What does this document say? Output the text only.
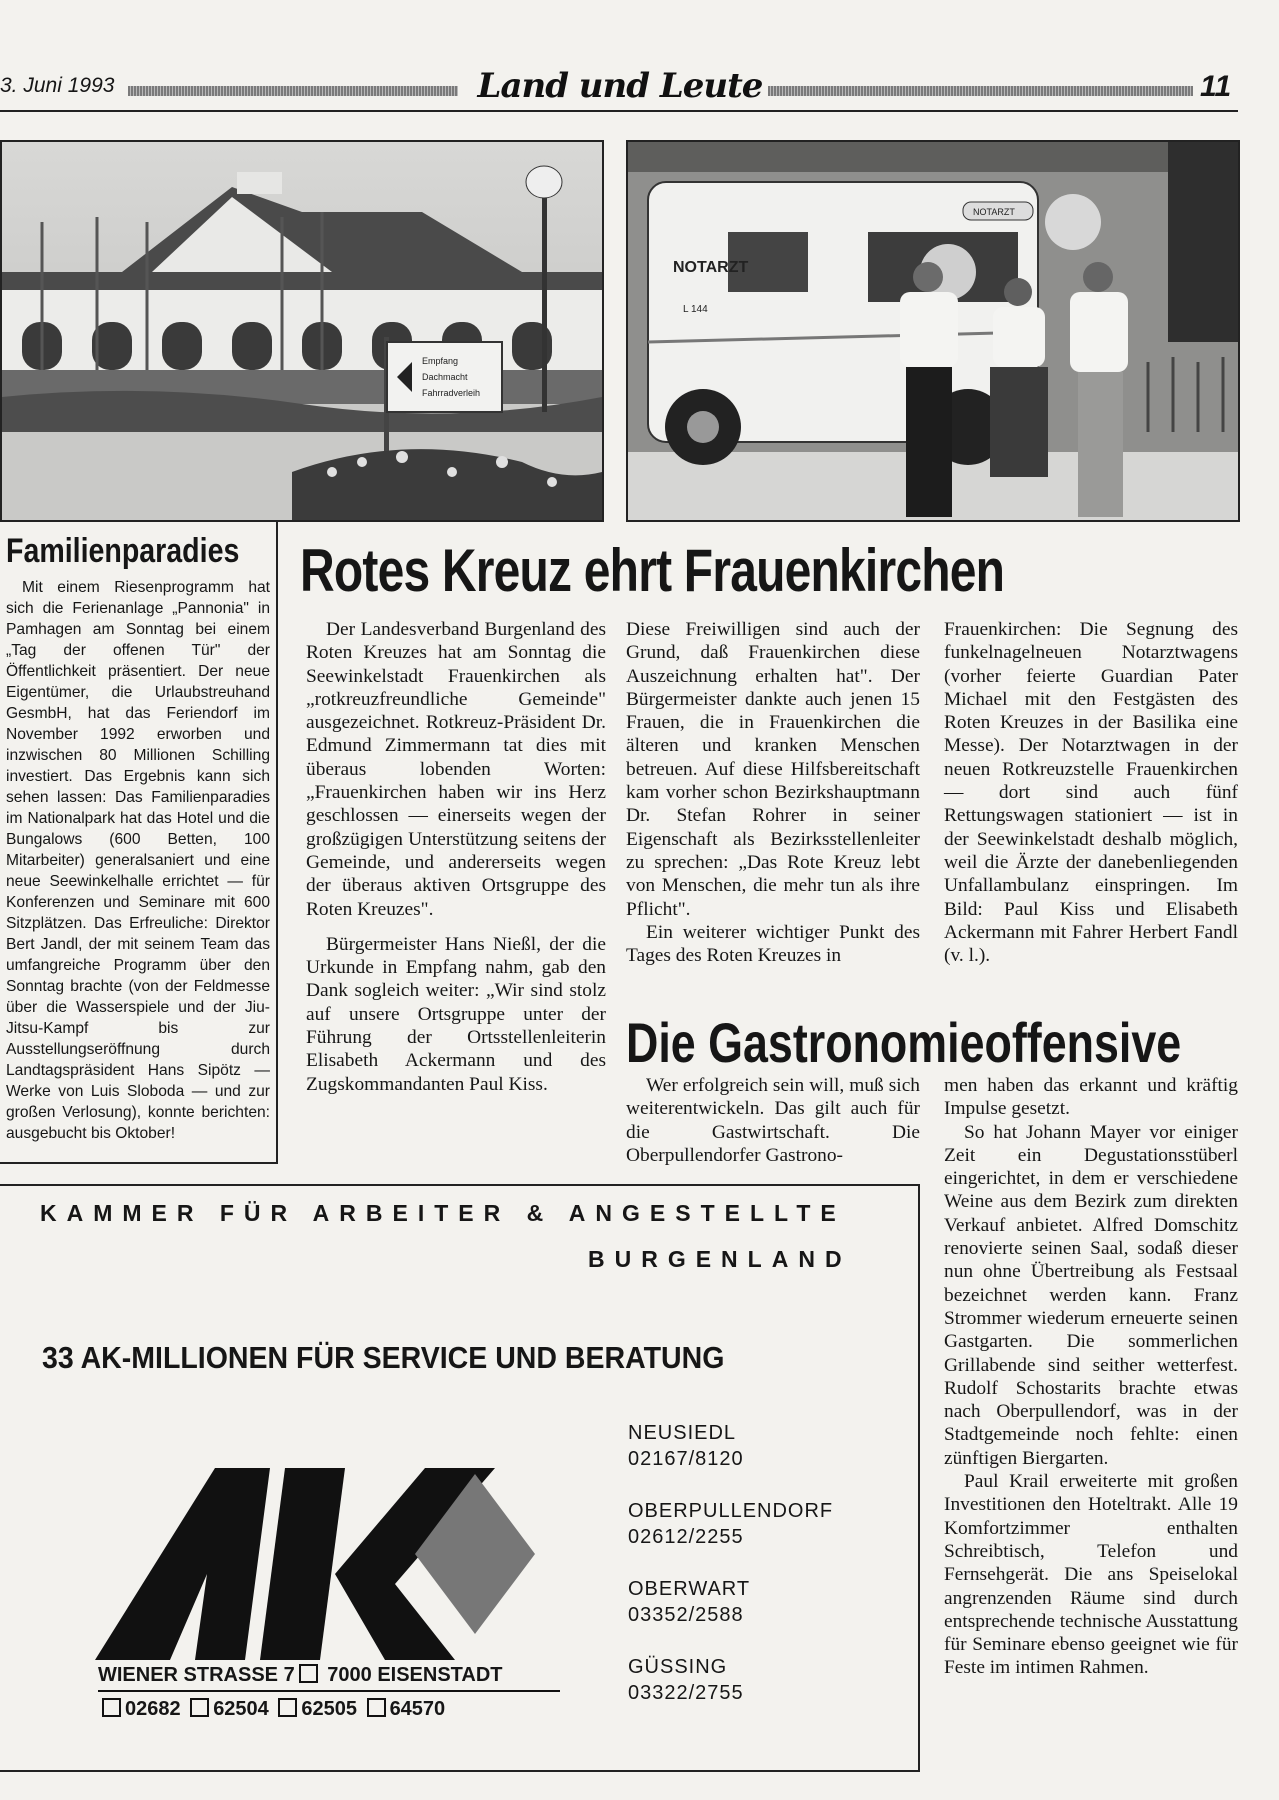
3. Juni 1993	Land und Leute	11
Empfang
Dachmacht
Fahrradverleih
NOTARZT
L 144
NOTARZT
Familienparadies
Mit einem Riesenprogramm hat sich die Ferienanlage „Pannonia" in Pamhagen am Sonntag bei einem „Tag der offenen Tür" der Öffentlichkeit präsentiert. Der neue Eigentümer, die Urlaubstreuhand GesmbH, hat das Feriendorf im November 1992 erworben und inzwischen 80 Millionen Schilling investiert. Das Ergebnis kann sich sehen lassen: Das Familienparadies im Nationalpark hat das Hotel und die Bungalows (600 Betten, 100 Mitarbeiter) generalsaniert und eine neue Seewinkelhalle errichtet — für Konferenzen und Seminare mit 600 Sitzplätzen. Das Erfreuliche: Direktor Bert Jandl, der mit seinem Team das umfangreiche Programm über den Sonntag brachte (von der Feldmesse über die Wasserspiele und der Jiu-Jitsu-Kampf bis zur Ausstellungseröffnung durch Landtagspräsident Hans Sipötz — Werke von Luis Sloboda — und zur großen Verlosung), konnte berichten: ausgebucht bis Oktober!
Rotes Kreuz ehrt Frauenkirchen

Der Landesverband Burgenland des Roten Kreuzes hat am Sonntag die Seewinkelstadt Frauenkirchen als „rotkreuzfreundliche Gemeinde" ausgezeichnet. Rotkreuz-Präsident Dr. Edmund Zimmermann tat dies mit überaus lobenden Worten: „Frauenkirchen haben wir ins Herz geschlossen — einerseits wegen der großzügigen Unterstützung seitens der Gemeinde, und andererseits wegen der überaus aktiven Ortsgruppe des Roten Kreuzes".

Bürgermeister Hans Nießl, der die Urkunde in Empfang nahm, gab den Dank sogleich weiter: „Wir sind stolz auf unsere Ortsgruppe unter der Führung der Ortsstellenleiterin Elisabeth Ackermann und des Zugskommandanten Paul Kiss.

Diese Freiwilligen sind auch der Grund, daß Frauenkirchen diese Auszeichnung erhalten hat". Der Bürgermeister dankte auch jenen 15 Frauen, die in Frauenkirchen die älteren und kranken Menschen betreuen. Auf diese Hilfsbereitschaft kam vorher schon Bezirkshauptmann Dr. Stefan Rohrer in seiner Eigenschaft als Bezirksstellenleiter zu sprechen: „Das Rote Kreuz lebt von Menschen, die mehr tun als ihre Pflicht".

Ein weiterer wichtiger Punkt des Tages des Roten Kreuzes in

Frauenkirchen: Die Segnung des funkelnagelneuen Notarztwagens (vorher feierte Guardian Pater Michael mit den Festgästen des Roten Kreuzes in der Basilika eine Messe). Der Notarztwagen in der neuen Rotkreuzstelle Frauenkirchen — dort sind auch fünf Rettungswagen stationiert — ist in der Seewinkelstadt deshalb möglich, weil die Ärzte der danebenliegenden Unfallambulanz einspringen. Im Bild: Paul Kiss und Elisabeth Ackermann mit Fahrer Herbert Fandl (v. l.).

Die Gastronomieoffensive

Wer erfolgreich sein will, muß sich weiterentwickeln. Das gilt auch für die Gastwirtschaft. Die Oberpullendorfer Gastrono-

men haben das erkannt und kräftig Impulse gesetzt.

So hat Johann Mayer vor einiger Zeit ein Degustationsstüberl eingerichtet, in dem er verschiedene Weine aus dem Bezirk zum direkten Verkauf anbietet. Alfred Domschitz renovierte seinen Saal, sodaß dieser nun ohne Übertreibung als Festsaal bezeichnet werden kann. Franz Strommer wiederum erneuerte seinen Gastgarten. Die sommerlichen Grillabende sind seither wetterfest. Rudolf Schostarits brachte etwas nach Oberpullendorf, was in der Stadtgemeinde noch fehlte: einen zünftigen Biergarten.

Paul Krail erweiterte mit großen Investitionen den Hoteltrakt. Alle 19 Komfortzimmer enthalten Schreibtisch, Telefon und Fernsehgerät. Die ans Speiselokal angrenzenden Räume sind durch entsprechende technische Ausstattung für Seminare ebenso geeignet wie für Feste im intimen Rahmen.

KAMMER FÜR ARBEITER & ANGESTELLTE
BURGENLAND
33 AK-MILLIONEN FÜR SERVICE UND BERATUNG
WIENER STRASSE 7 7000 EISENSTADT
02682 62504 62505 64570
NEUSIEDL
02167/8120
OBERPULLENDORF
02612/2255
OBERWART
03352/2588
GÜSSING
03322/2755
